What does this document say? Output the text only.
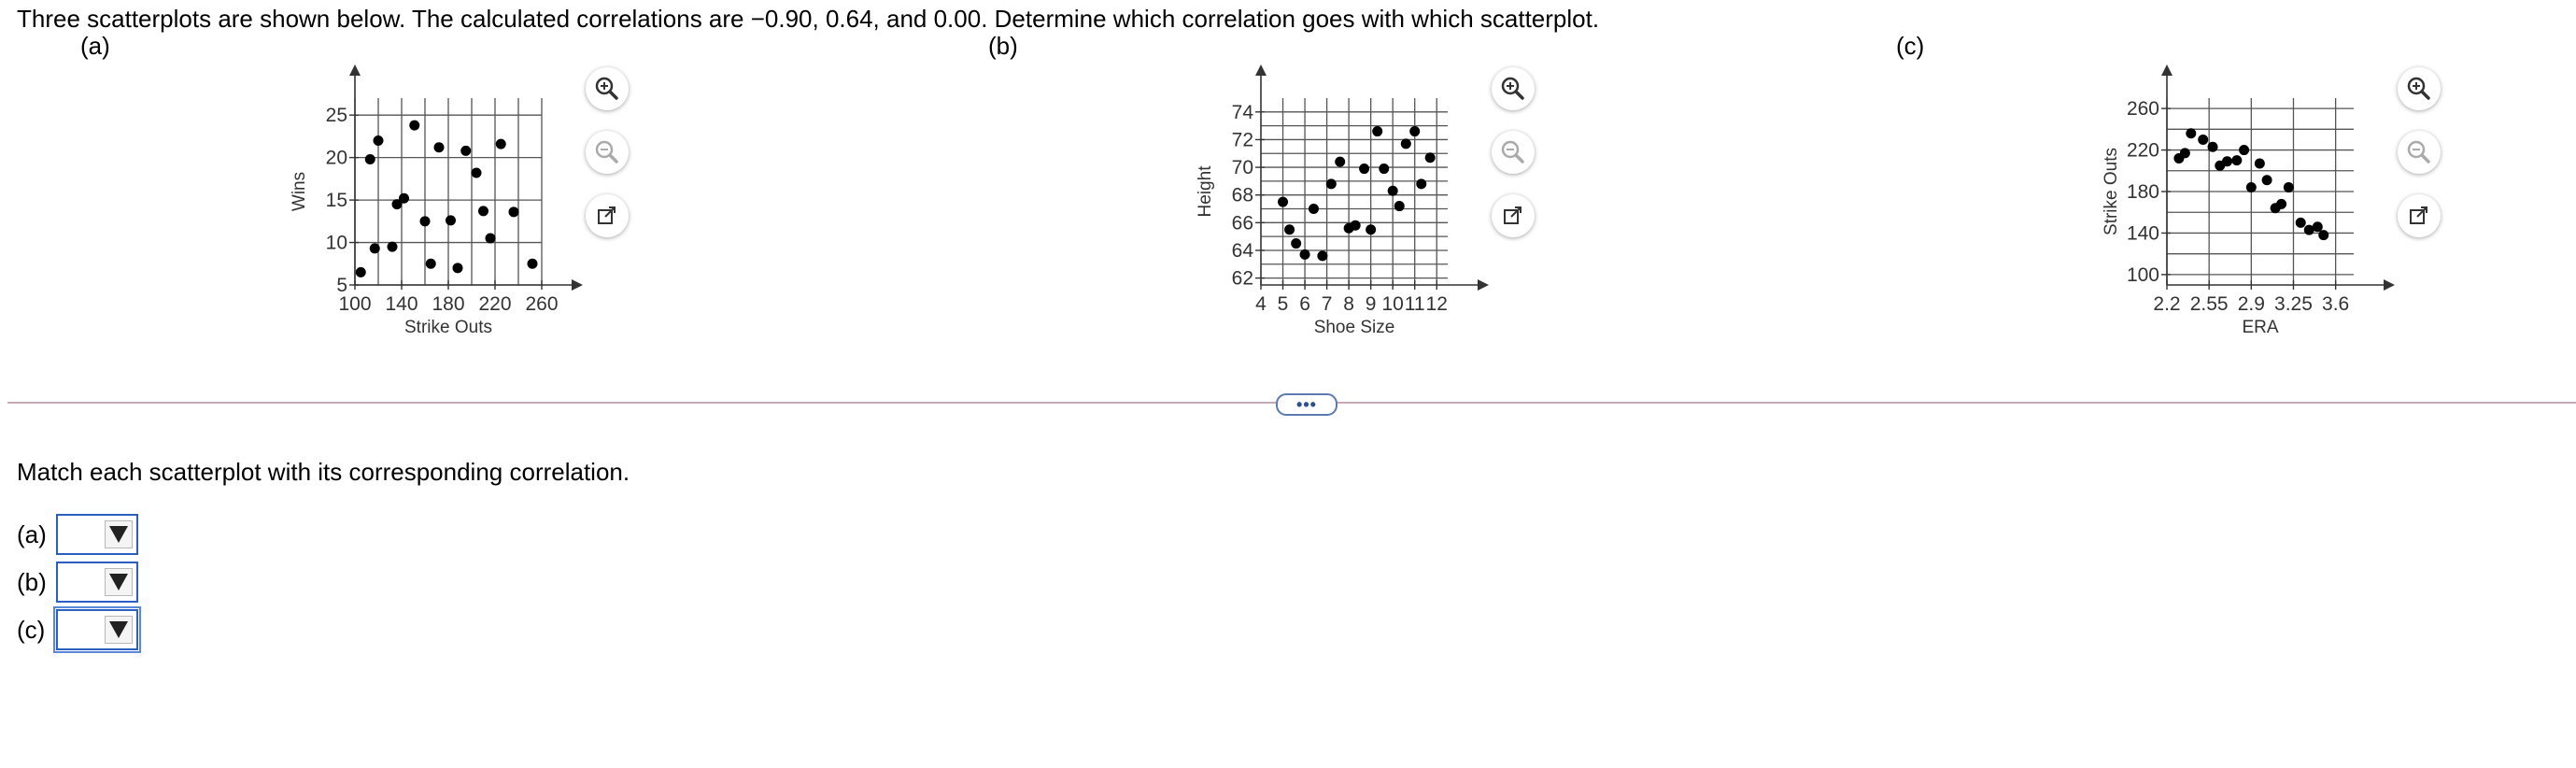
Three scatterplots are shown below. The calculated correlations are −0.90, 0.64, and 0.00. Determine which correlation goes with which scatterplot.
(a)	(b)	(c)
100 140 180 220 260
5
10
15
20
25
Strike Outs
Wins
4 5 6 7 8 9 10 11 12
62
64
66
68
70
72
74
Shoe Size
Height
2.2 2.55 2.9 3.25 3.6
100
140
180
220
260
ERA
Strike Outs
•••
Match each scatterplot with its corresponding correlation.
(a)
(b)
(c)
